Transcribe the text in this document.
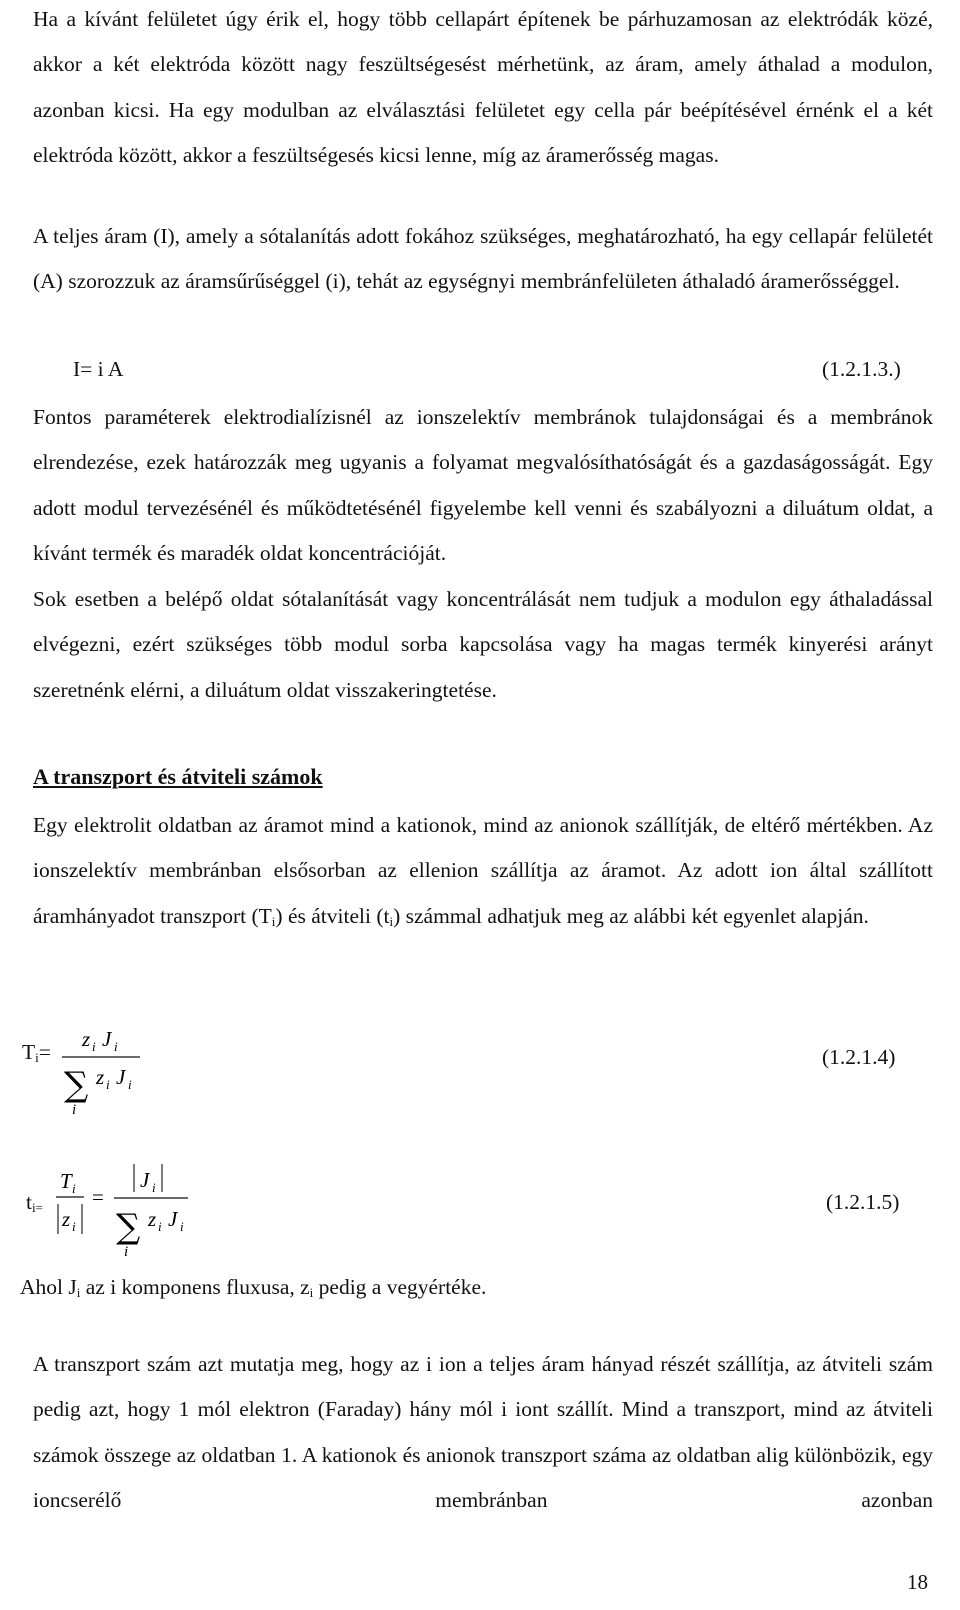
Ha a kívánt felületet úgy érik el, hogy több cellapárt építenek be párhuzamosan az elektródák közé, akkor a két elektróda között nagy feszültségesést mérhetünk, az áram, amely áthalad a modulon, azonban kicsi. Ha egy modulban az elválasztási felületet egy cella pár beépítésével érnénk el a két elektróda között, akkor a feszültségesés kicsi lenne, míg az áramerősség magas.
A teljes áram (I), amely a sótalanítás adott fokához szükséges, meghatározható, ha egy cellapár felületét (A) szorozzuk az áramsűrűséggel (i), tehát az egységnyi membránfelületen áthaladó áramerősséggel.
I= i A	(1.2.1.3.)
Fontos paraméterek elektrodialízisnél az ionszelektív membránok tulajdonságai és a membránok elrendezése, ezek határozzák meg ugyanis a folyamat megvalósíthatóságát és a gazdaságosságát. Egy adott modul tervezésénél és működtetésénél figyelembe kell venni és szabályozni a diluátum oldat, a kívánt termék és maradék oldat koncentrációját.
Sok esetben a belépő oldat sótalanítását vagy koncentrálását nem tudjuk a modulon egy áthaladással elvégezni, ezért szükséges több modul sorba kapcsolása vagy ha magas termék kinyerési arányt szeretnénk elérni, a diluátum oldat visszakeringtetése.
A transzport és átviteli számok
Egy elektrolit oldatban az áramot mind a kationok, mind az anionok szállítják, de eltérő mértékben. Az ionszelektív membránban elsősorban az ellenion szállítja az áramot. Az adott ion által szállított áramhányadot transzport $(T_i)$ és átviteli $(t_i)$ számmal adhatjuk meg az alábbi két egyenlet alapján.
$T_i=$
z i J i
∑ z i J i
i
(1.2.1.4)
$t_{i=}$
T i
z i
=
J i
∑ z i J i
i
(1.2.1.5)
Ahol $J_i$ az i komponens fluxusa, $z_i$ pedig a vegyértéke.
A transzport szám azt mutatja meg, hogy az i ion a teljes áram hányad részét szállítja, az átviteli szám pedig azt, hogy 1 mól elektron (Faraday) hány mól i iont szállít. Mind a transzport, mind az átviteli számok összege az oldatban 1. A kationok és anionok transzport száma az oldatban alig különbözik, egy ioncserélő membránban azonban
18
